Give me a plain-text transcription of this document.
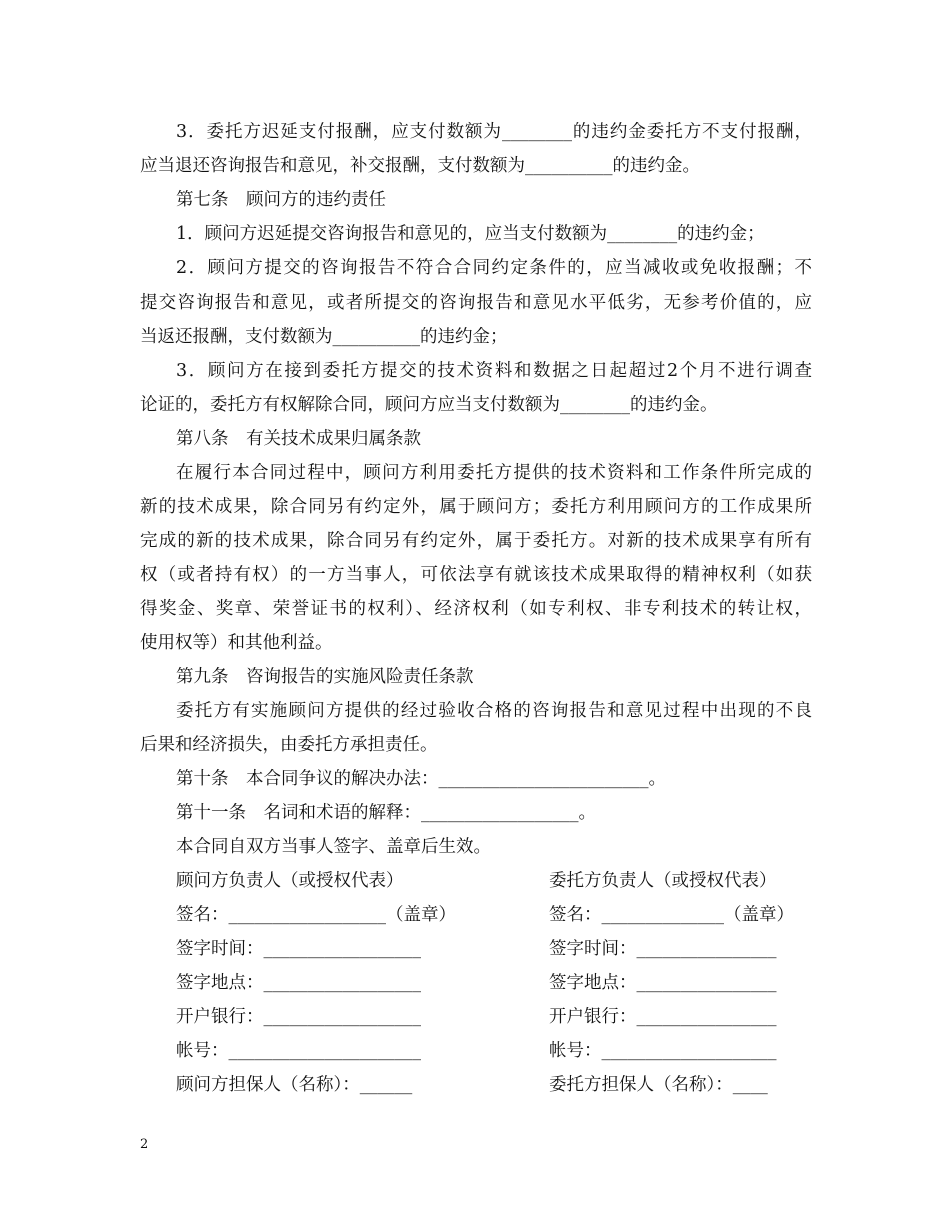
3．委托方迟延支付报酬，应支付数额为________的违约金委托方不支付报酬，
应当退还咨询报告和意见，补交报酬，支付数额为__________的违约金。
第七条　顾问方的违约责任
1．顾问方迟延提交咨询报告和意见的，应当支付数额为________的违约金；
2．顾问方提交的咨询报告不符合合同约定条件的，应当减收或免收报酬；不
提交咨询报告和意见，或者所提交的咨询报告和意见水平低劣，无参考价值的，应
当返还报酬，支付数额为__________的违约金；
3．顾问方在接到委托方提交的技术资料和数据之日起超过2个月不进行调查
论证的，委托方有权解除合同，顾问方应当支付数额为________的违约金。
第八条　有关技术成果归属条款
在履行本合同过程中，顾问方利用委托方提供的技术资料和工作条件所完成的
新的技术成果，除合同另有约定外，属于顾问方；委托方利用顾问方的工作成果所
完成的新的技术成果，除合同另有约定外，属于委托方。对新的技术成果享有所有
权（或者持有权）的一方当事人，可依法享有就该技术成果取得的精神权利（如获
得奖金、奖章、荣誉证书的权利）、经济权利（如专利权、非专利技术的转让权，
使用权等）和其他利益。
第九条　咨询报告的实施风险责任条款
委托方有实施顾问方提供的经过验收合格的咨询报告和意见过程中出现的不良
后果和经济损失，由委托方承担责任。
第十条　本合同争议的解决办法：________________________。
第十一条　名词和术语的解释：__________________。
本合同自双方当事人签字、盖章后生效。
顾问方负责人（或授权代表）
签名：__________________（盖章）
签字时间：__________________
签字地点：__________________
开户银行：__________________
帐号：______________________
顾问方担保人（名称）：______
委托方负责人（或授权代表）
签名：______________（盖章）
签字时间：________________
签字地点：________________
开户银行：________________
帐号：____________________
委托方担保人（名称）：____
2
